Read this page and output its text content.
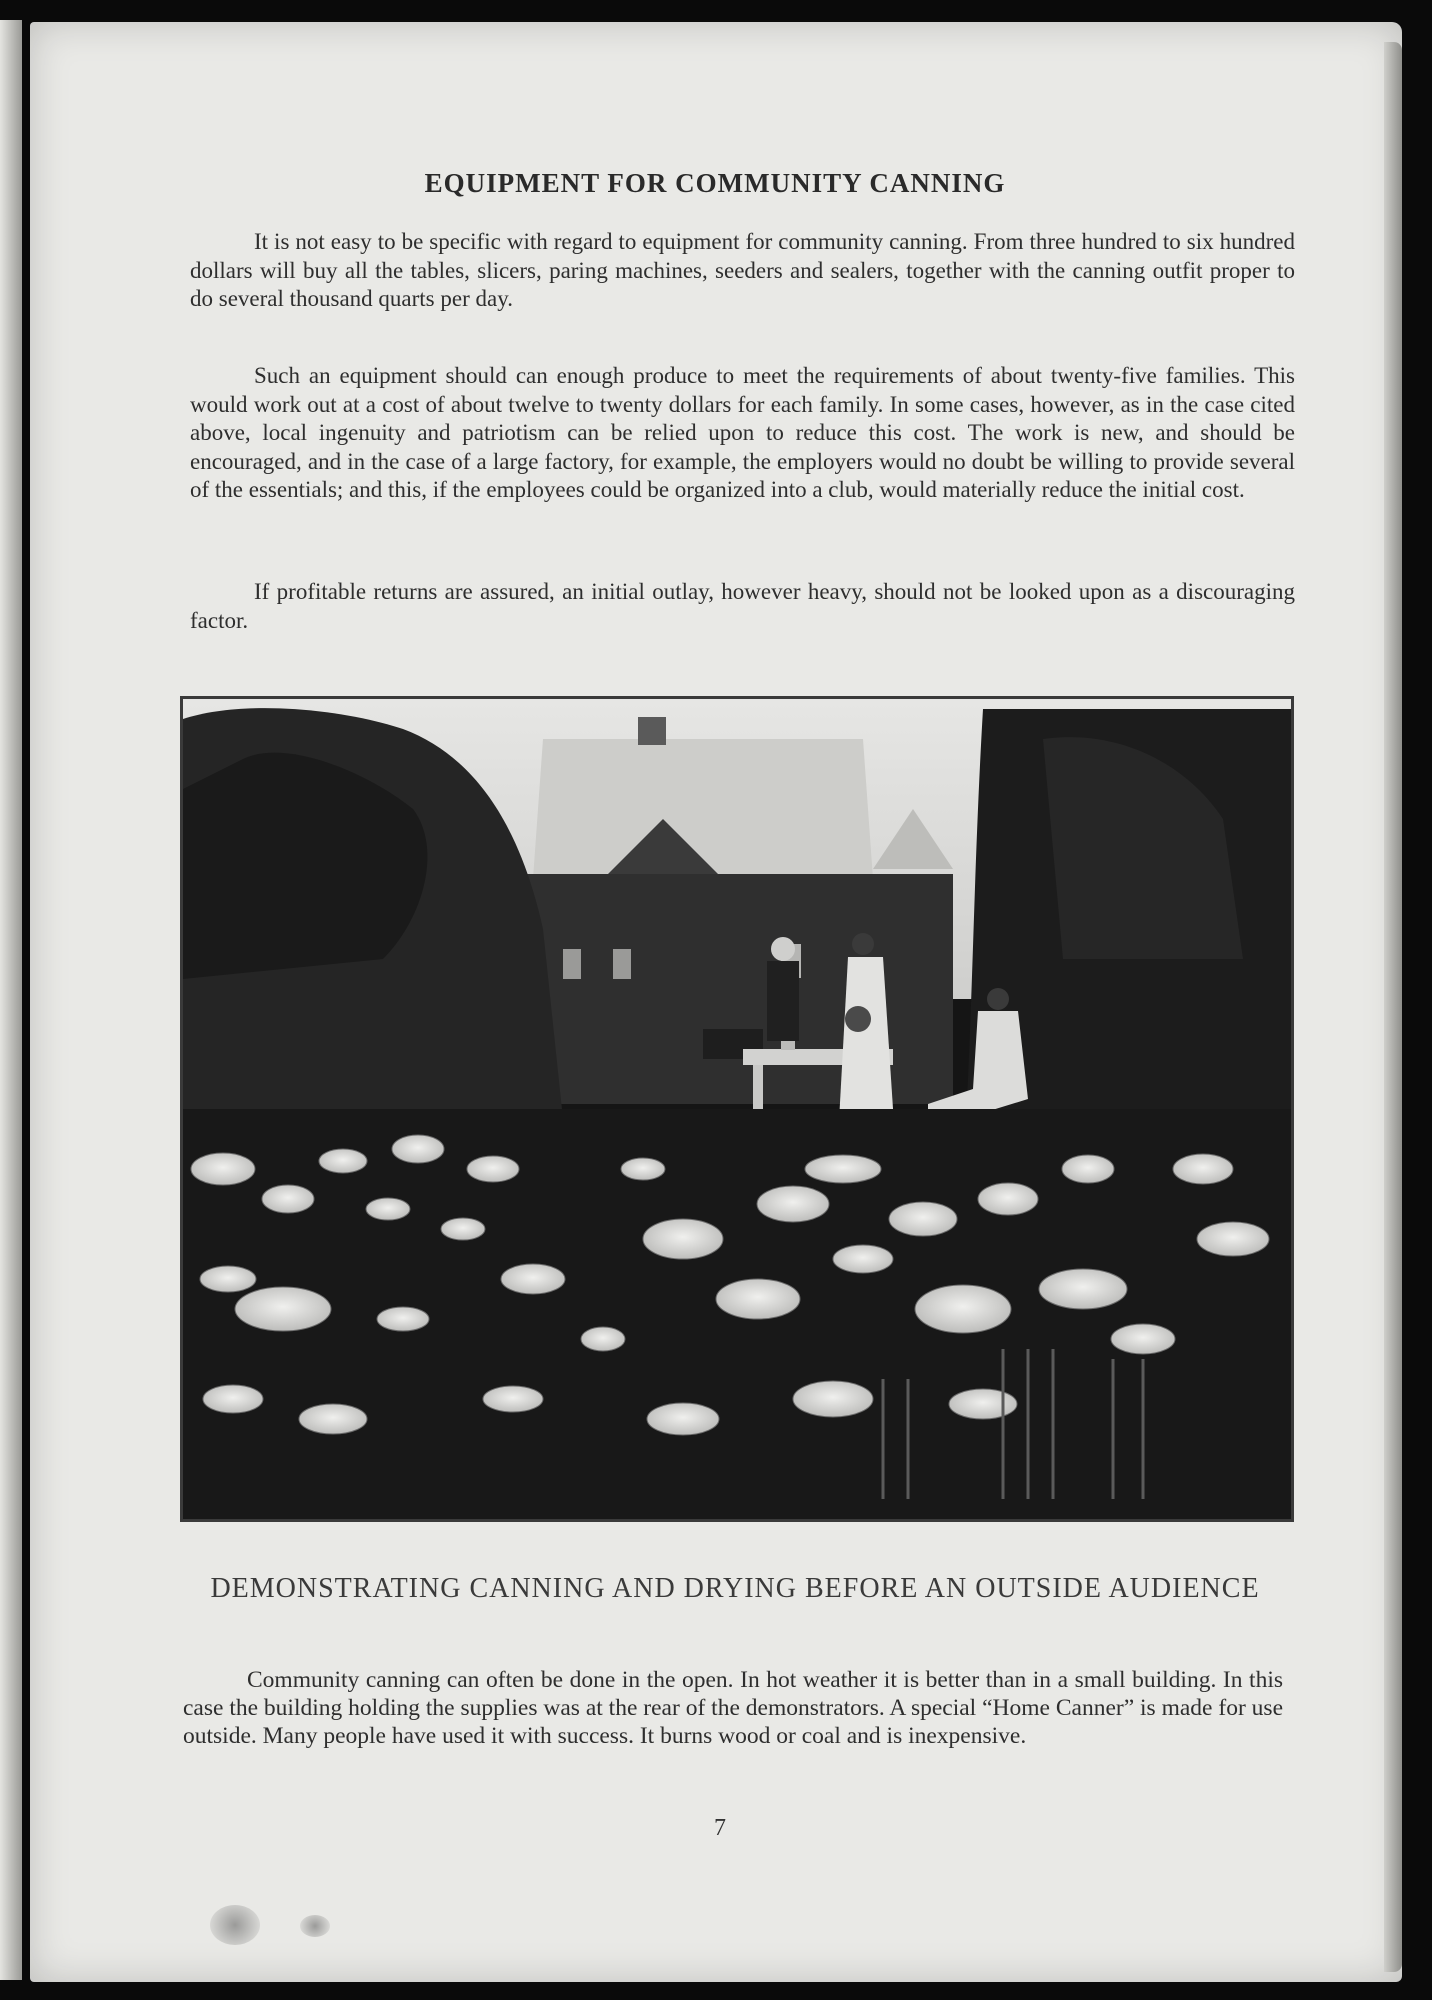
EQUIPMENT FOR COMMUNITY CANNING

It is not easy to be specific with regard to equipment for community canning. From three hundred to six hundred dollars will buy all the tables, slicers, paring machines, seeders and sealers, together with the canning outfit proper to do several thousand quarts per day.

Such an equipment should can enough produce to meet the requirements of about twenty-five families. This would work out at a cost of about twelve to twenty dollars for each family. In some cases, however, as in the case cited above, local ingenuity and patriotism can be relied upon to reduce this cost. The work is new, and should be encouraged, and in the case of a large factory, for example, the employers would no doubt be willing to provide several of the essentials; and this, if the employees could be organized into a club, would materially reduce the initial cost.

If profitable returns are assured, an initial outlay, however heavy, should not be looked upon as a discouraging factor.

DEMONSTRATING CANNING AND DRYING BEFORE AN OUTSIDE AUDIENCE

Community canning can often be done in the open. In hot weather it is better than in a small building. In this case the building holding the supplies was at the rear of the demonstrators. A special “Home Canner” is made for use outside. Many people have used it with success. It burns wood or coal and is inexpensive.

7
